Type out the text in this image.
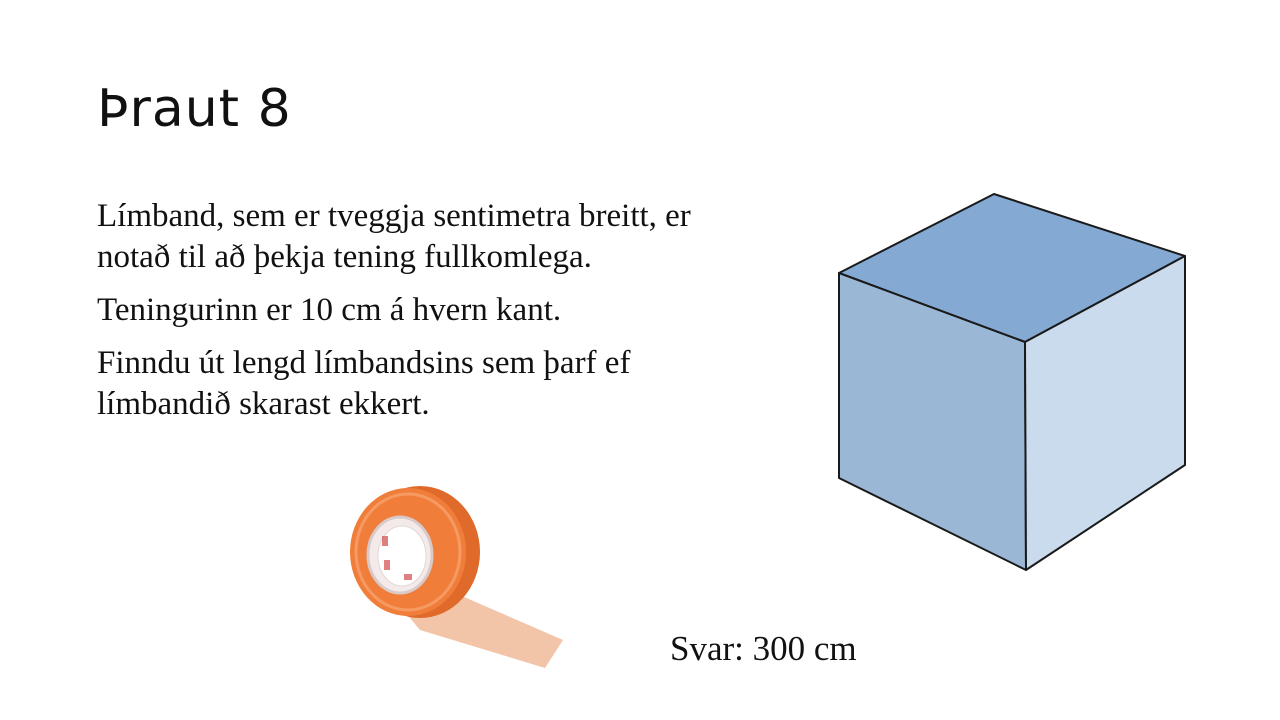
Þraut 8

Límband, sem er tveggja sentimetra breitt, er notað til að þekja tening fullkomlega.

Teningurinn er 10 cm á hvern kant.

Finndu út lengd límbandsins sem þarf ef límbandið skarast ekkert.

Svar: 300 cm
